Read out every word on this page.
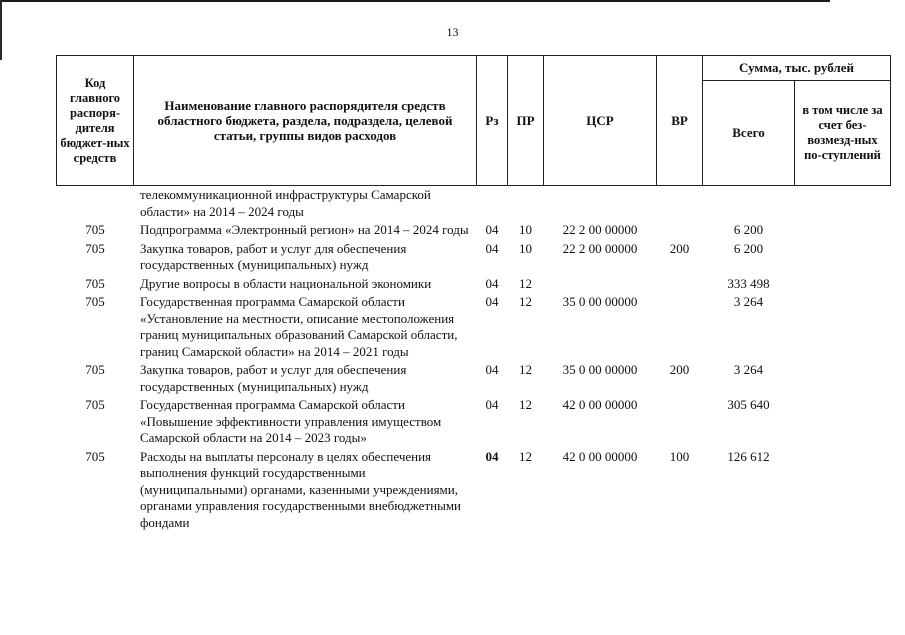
13
Код главного распоря-дителя бюджет-ных средств	Наименование главного распорядителя средств областного бюджета, раздела, подраздела, целевой статьи, группы видов расходов	Рз	ПР	ЦСР	ВР	Сумма, тыс. рублей	
						Всего	в том числе за счет без-возмезд-ных по-ступлений
	телекоммуникационной инфраструктуры Самарской области» на 2014 – 2024 годы						
705	Подпрограмма «Электронный регион» на 2014 – 2024 годы	04	10	22 2 00 00000		6 200	
705	Закупка товаров, работ и услуг для обеспечения государственных (муниципальных) нужд	04	10	22 2 00 00000	200	6 200	
705	Другие вопросы в области национальной экономики	04	12			333 498	
705	Государственная программа Самарской области «Установление на местности, описание местоположения границ муниципальных образований Самарской области, границ Самарской области» на 2014 – 2021 годы	04	12	35 0 00 00000		3 264	
705	Закупка товаров, работ и услуг для обеспечения государственных (муниципальных) нужд	04	12	35 0 00 00000	200	3 264	
705	Государственная программа Самарской области «Повышение эффективности управления имуществом Самарской области на 2014 – 2023 годы»	04	12	42 0 00 00000		305 640	
705	Расходы на выплаты персоналу в целях обеспечения выполнения функций государственными (муниципальными) органами, казенными учреждениями, органами управления государственными внебюджетными фондами	04	12	42 0 00 00000	100	126 612	
